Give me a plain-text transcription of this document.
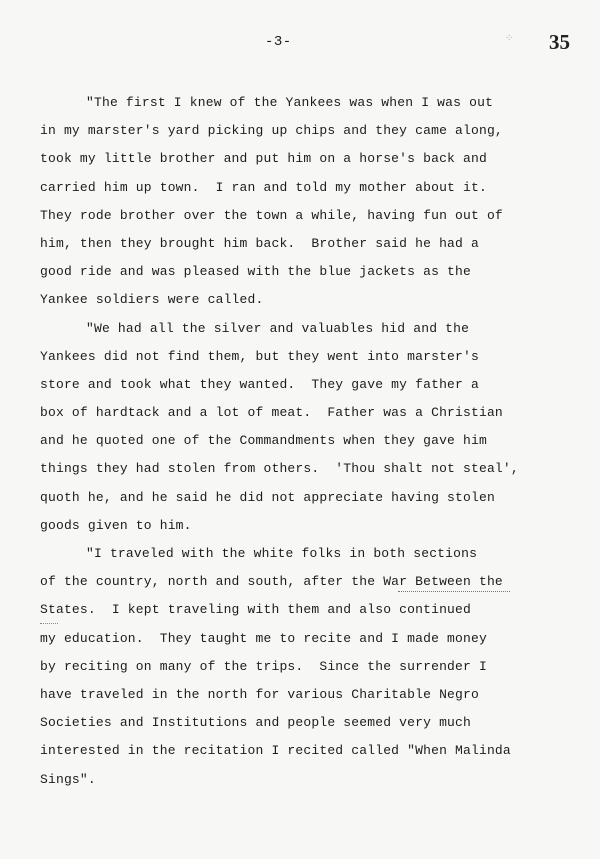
-3-	⁘ 35
"The first I knew of the Yankees was when I was out
in my marster's yard picking up chips and they came along,
took my little brother and put him on a horse's back and
carried him up town.  I ran and told my mother about it.
They rode brother over the town a while, having fun out of
him, then they brought him back.  Brother said he had a
good ride and was pleased with the blue jackets as the
Yankee soldiers were called.
"We had all the silver and valuables hid and the
Yankees did not find them, but they went into marster's
store and took what they wanted.  They gave my father a
box of hardtack and a lot of meat.  Father was a Christian
and he quoted one of the Commandments when they gave him
things they had stolen from others.  'Thou shalt not steal',
quoth he, and he said he did not appreciate having stolen
goods given to him.
"I traveled with the white folks in both sections
of the country, north and south, after the War Between the
States.  I kept traveling with them and also continued
my education.  They taught me to recite and I made money
by reciting on many of the trips.  Since the surrender I
have traveled in the north for various Charitable Negro
Societies and Institutions and people seemed very much
interested in the recitation I recited called "When Malinda
Sings".
